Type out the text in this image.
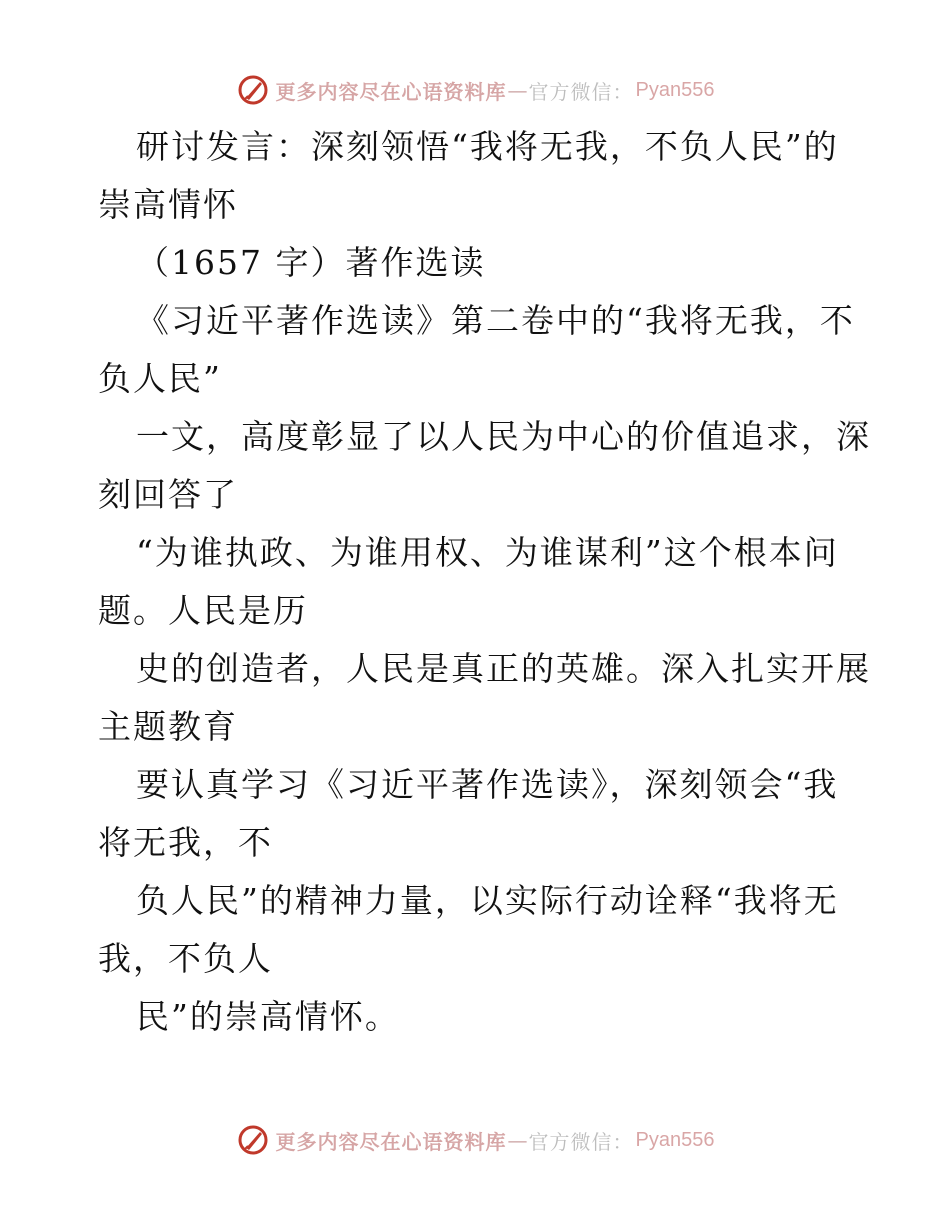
更多内容尽在心语资料库 — 官方微信： Pyan556
研讨发言：深刻领悟“我将无我，不负人民”的
崇高情怀
（1657 字）著作选读
《习近平著作选读》第二卷中的“我将无我，不
负人民”
一文，高度彰显了以人民为中心的价值追求，深
刻回答了
“为谁执政、为谁用权、为谁谋利”这个根本问
题。人民是历
史的创造者，人民是真正的英雄。深入扎实开展
主题教育
要认真学习《习近平著作选读》，深刻领会“我
将无我，不
负人民”的精神力量，以实际行动诠释“我将无
我，不负人
民”的崇高情怀。
更多内容尽在心语资料库 — 官方微信： Pyan556
